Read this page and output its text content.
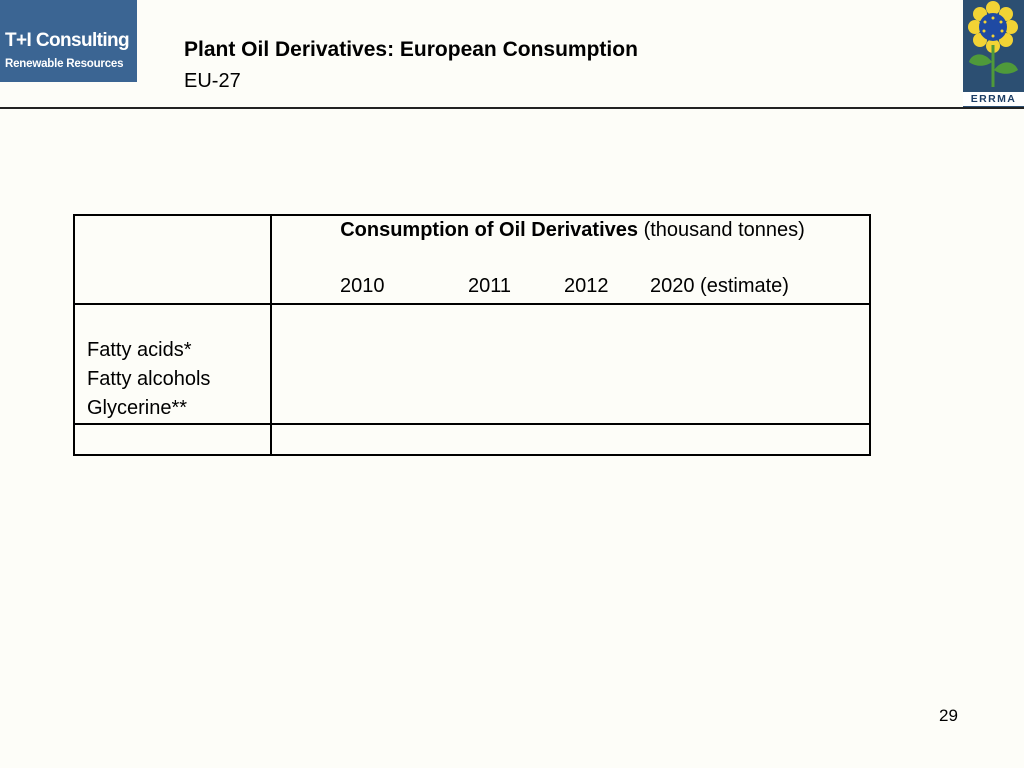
T+I Consulting
Renewable Resources
Plant Oil Derivatives: European Consumption
EU-27
ERRMA

	Consumption of Oil Derivatives (thousand tonnes)
2010 2011 2012 2020 (estimate)

Fatty acids*
Fatty alcohols
Glycerine**	

29
